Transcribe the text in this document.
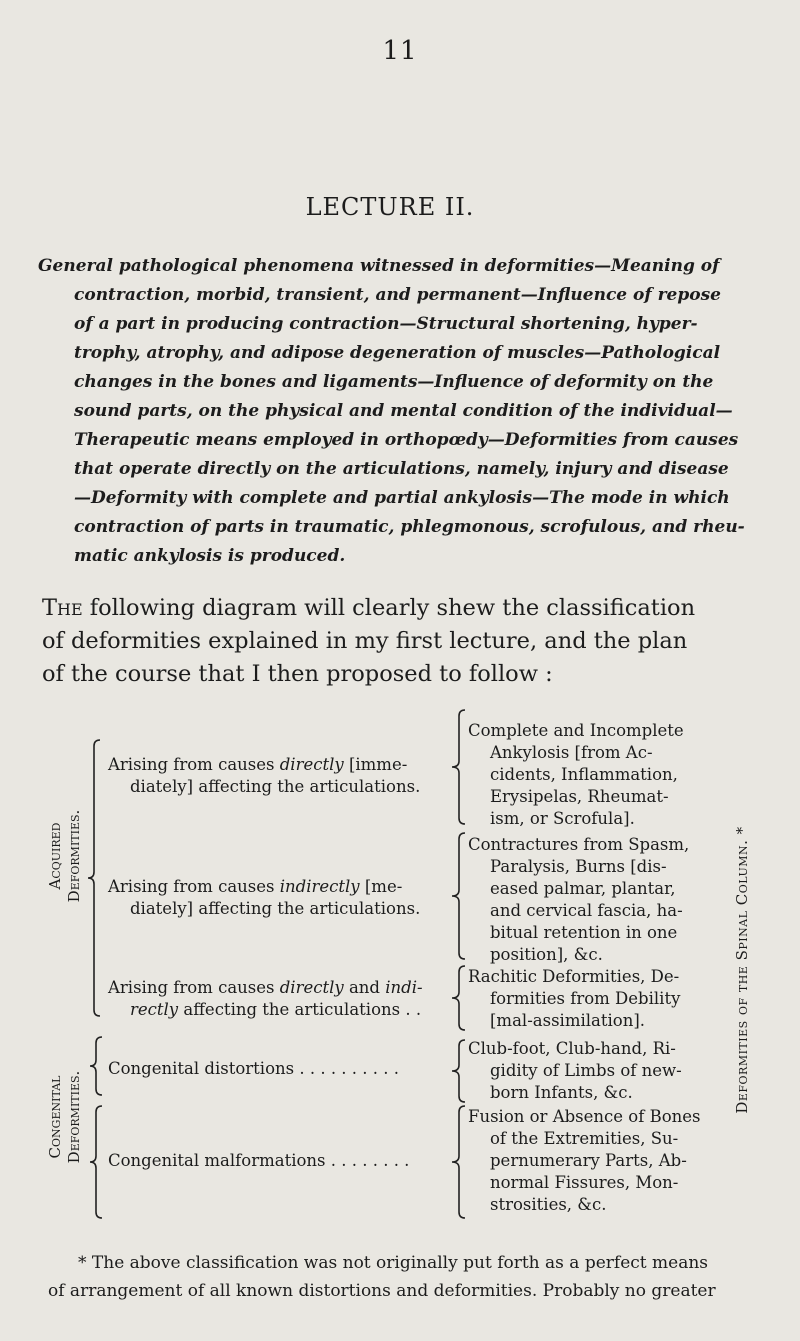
11
LECTURE II.
General pathological phenomena witnessed in deformities—Meaning of
contraction, morbid, transient, and permanent—Influence of repose
of a part in producing contraction—Structural shortening, hyper-
trophy, atrophy, and adipose degeneration of muscles—Pathological
changes in the bones and ligaments—Influence of deformity on the
sound parts, on the physical and mental condition of the individual—
Therapeutic means employed in orthopœdy—Deformities from causes
that operate directly on the articulations, namely, injury and disease
—Deformity with complete and partial ankylosis—The mode in which
contraction of parts in traumatic, phlegmonous, scrofulous, and rheu-
matic ankylosis is produced.
The following diagram will clearly shew the classification
of deformities explained in my first lecture, and the plan
of the course that I then proposed to follow :
Acquired Deformities.
Congenital Deformities.
Deformities of the Spinal Column. *
Arising from causes directly [imme-
diately] affecting the articulations.
Complete and Incomplete
Ankylosis [from Ac-
cidents, Inflammation,
Erysipelas, Rheumat-
ism, or Scrofula].
Arising from causes indirectly [me-
diately] affecting the articulations.
Contractures from Spasm,
Paralysis, Burns [dis-
eased palmar, plantar,
and cervical fascia, ha-
bitual retention in one
position], &c.
Arising from causes directly and indi-
rectly affecting the articulations . .
Rachitic Deformities, De-
formities from Debility
[mal-assimilation].
Congenital distortions . . . . . . . . . .
Club-foot, Club-hand, Ri-
gidity of Limbs of new-
born Infants, &c.
Congenital malformations . . . . . . . .
Fusion or Absence of Bones
of the Extremities, Su-
pernumerary Parts, Ab-
normal Fissures, Mon-
strosities, &c.
* The above classification was not originally put forth as a perfect means
of arrangement of all known distortions and deformities. Probably no greater
